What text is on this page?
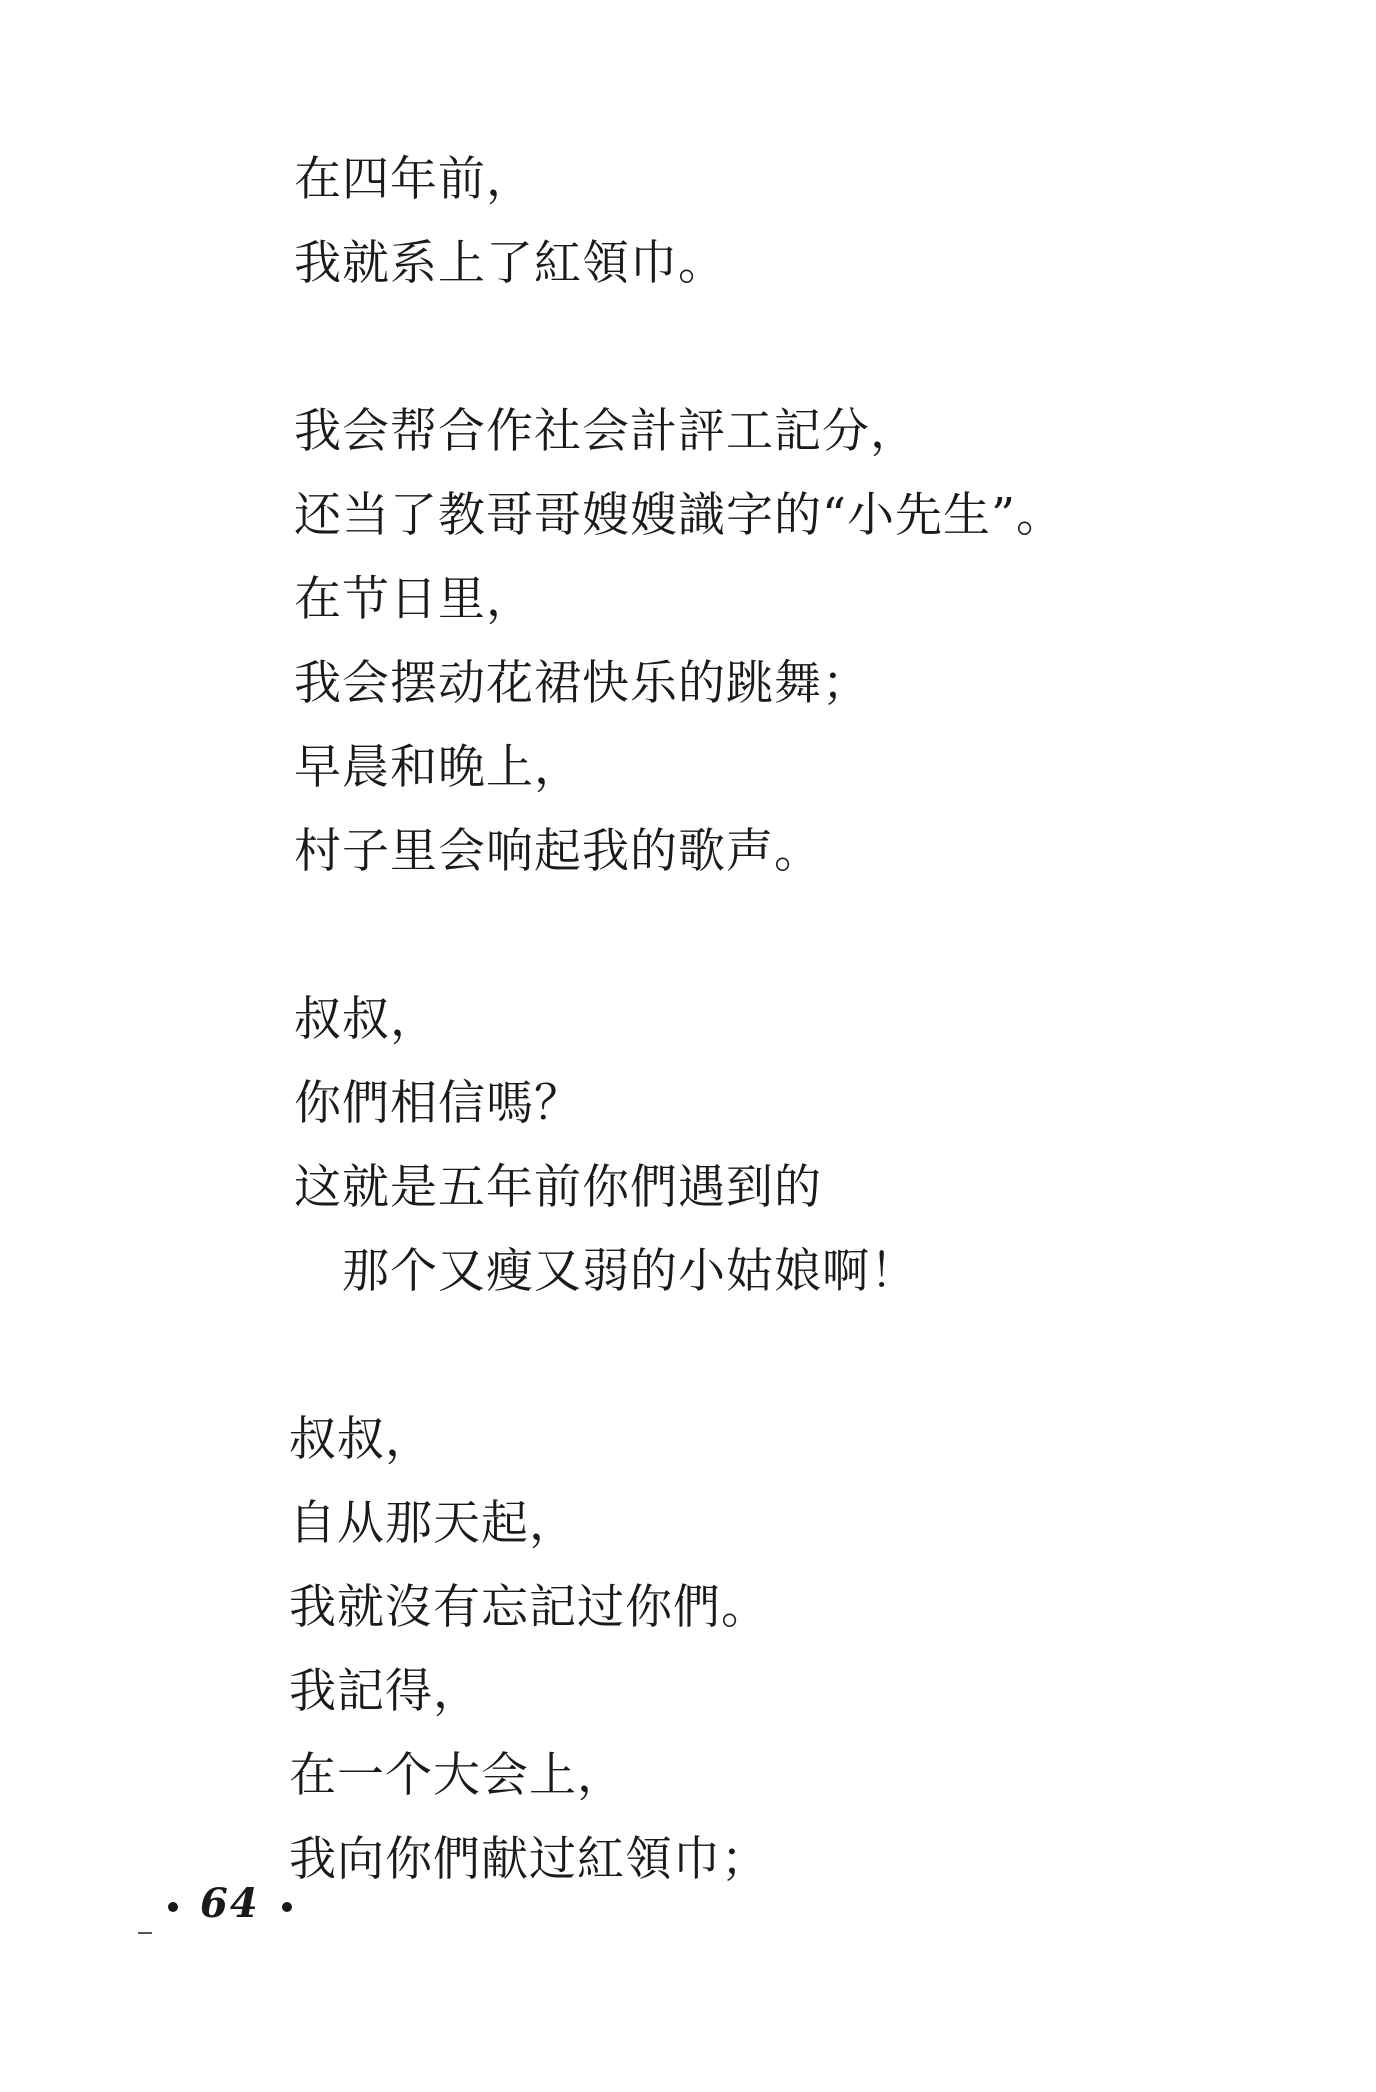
在四年前，
我就系上了紅領巾。
我会帮合作社会計評工記分，
还当了教哥哥嫂嫂識字的“小先生”。
在节日里，
我会摆动花裙快乐的跳舞；
早晨和晚上，
村子里会响起我的歌声。
叔叔，
你們相信嗎？
这就是五年前你們遇到的
那个又瘦又弱的小姑娘啊！
叔叔，
自从那天起，
我就沒有忘記过你們。
我記得，
在一个大会上，
我向你們献过紅領巾；
64
